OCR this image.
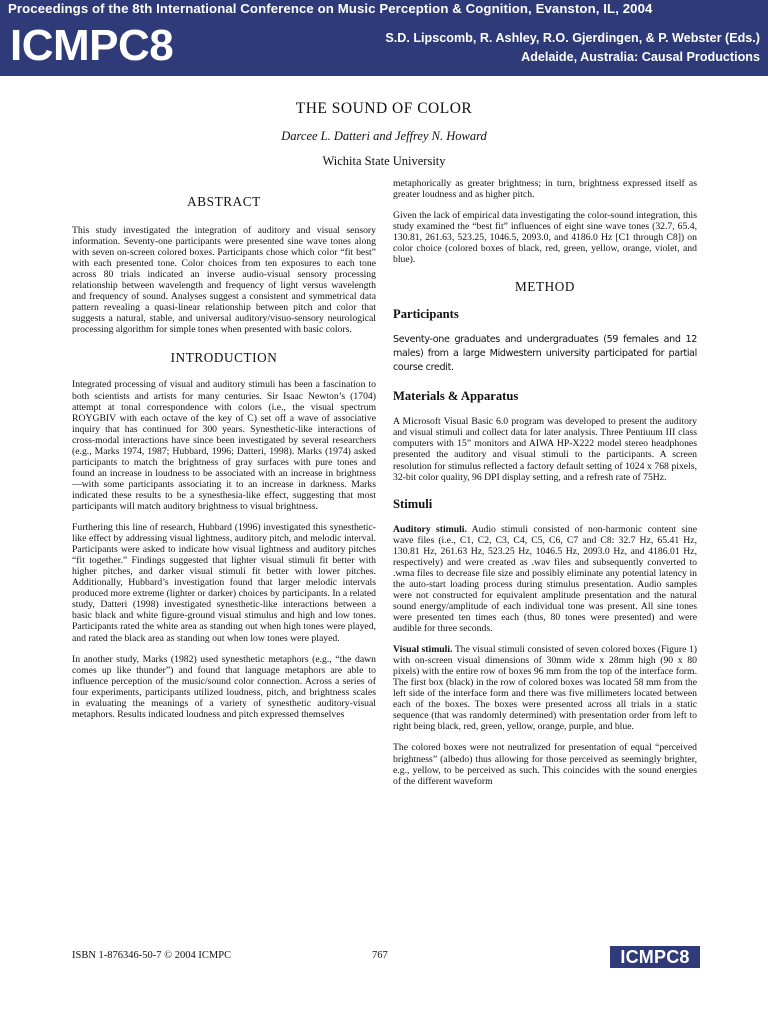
Proceedings of the 8th International Conference on Music Perception & Cognition, Evanston, IL, 2004
ICMPC8	S.D. Lipscomb, R. Ashley, R.O. Gjerdingen, & P. Webster (Eds.)
Adelaide, Australia: Causal Productions
THE SOUND OF COLOR
Darcee L. Datteri and Jeffrey N. Howard
Wichita State University
ABSTRACT

This study investigated the integration of auditory and visual sensory information. Seventy-one participants were presented sine wave tones along with seven on-screen colored boxes. Participants chose which color “fit best” with each presented tone. Color choices from ten exposures to each tone across 80 trials indicated an inverse audio-visual sensory processing relationship between wavelength and frequency of light versus wavelength and frequency of sound. Analyses suggest a consistent and symmetrical data pattern revealing a quasi-linear relationship between pitch and color that suggests a natural, stable, and universal auditory/visuo-sensory neurological processing algorithm for simple tones when presented with basic colors.

INTRODUCTION

Integrated processing of visual and auditory stimuli has been a fascination to both scientists and artists for many centuries. Sir Isaac Newton’s (1704) attempt at tonal correspondence with colors (i.e., the visual spectrum ROYGBIV with each octave of the key of C) set off a wave of associative inquiry that has continued for 300 years. Synesthetic-like interactions of cross-modal interactions have since been investigated by several researchers (e.g., Marks 1974, 1987; Hubbard, 1996; Datteri, 1998). Marks (1974) asked participants to match the brightness of gray surfaces with pure tones and found an increase in loudness to be associated with an increase in brightness—with some participants associating it to an increase in darkness. Marks indicated these results to be a synesthesia-like effect, suggesting that most participants will match auditory brightness to visual brightness.

Furthering this line of research, Hubbard (1996) investigated this synesthetic-like effect by addressing visual lightness, auditory pitch, and melodic interval. Participants were asked to indicate how visual lightness and auditory pitches “fit together.” Findings suggested that lighter visual stimuli fit better with higher pitches, and darker visual stimuli fit better with lower pitches. Additionally, Hubbard’s investigation found that larger melodic intervals produced more extreme (lighter or darker) choices by participants. In a related study, Datteri (1998) investigated synesthetic-like interactions between a basic black and white figure-ground visual stimulus and high and low tones. Participants rated the white area as standing out when high tones were played, and rated the black area as standing out when low tones were played.

In another study, Marks (1982) used synesthetic metaphors (e.g., “the dawn comes up like thunder”) and found that language metaphors are able to influence perception of the music/sound color connection. Across a series of four experiments, participants utilized loudness, pitch, and brightness scales in evaluating the meanings of a variety of synesthetic auditory-visual metaphors. Results indicated loudness and pitch expressed themselves

metaphorically as greater brightness; in turn, brightness expressed itself as greater loudness and as higher pitch.

Given the lack of empirical data investigating the color-sound integration, this study examined the “best fit” influences of eight sine wave tones (32.7, 65.4, 130.81, 261.63, 523.25, 1046.5, 2093.0, and 4186.0 Hz [C1 through C8]) on color choice (colored boxes of black, red, green, yellow, orange, violet, and blue).

METHOD
Participants

Seventy-one graduates and undergraduates (59 females and 12 males) from a large Midwestern university participated for partial course credit.

Materials & Apparatus

A Microsoft Visual Basic 6.0 program was developed to present the auditory and visual stimuli and collect data for later analysis. Three Pentiuum III class computers with 15” monitors and AIWA HP-X222 model stereo headphones presented the auditory and visual stimuli to the participants. A screen resolution for stimulus reflected a factory default setting of 1024 x 768 pixels, 32-bit color quality, 96 DPI display setting, and a refresh rate of 75Hz.

Stimuli

Auditory stimuli. Audio stimuli consisted of non-harmonic content sine wave files (i.e., C1, C2, C3, C4, C5, C6, C7 and C8: 32.7 Hz, 65.41 Hz, 130.81 Hz, 261.63 Hz, 523.25 Hz, 1046.5 Hz, 2093.0 Hz, and 4186.01 Hz, respectively) and were created as .wav files and subsequently converted to .wma files to decrease file size and possibly eliminate any potential latency in the auto-start loading process during stimulus presentation. Audio samples were not constructed for equivalent amplitude presentation and the natural sound energy/amplitude of each individual tone was present. All sine tones were presented ten times each (thus, 80 tones were presented) and were audible for three seconds.

Visual stimuli. The visual stimuli consisted of seven colored boxes (Figure 1) with on-screen visual dimensions of 30mm wide x 28mm high (90 x 80 pixels) with the entire row of boxes 96 mm from the top of the interface form. The first box (black) in the row of colored boxes was located 58 mm from the left side of the interface form and there was five millimeters located between each of the boxes. The boxes were presented across all trials in a static sequence (that was randomly determined) with presentation order from left to right being black, red, green, yellow, orange, purple, and blue.

The colored boxes were not neutralized for presentation of equal “perceived brightness” (albedo) thus allowing for those perceived as seemingly brighter, e.g., yellow, to be perceived as such. This coincides with the sound energies of the different waveform

ISBN 1-876346-50-7 © 2004 ICMPC	767	ICMPC8
